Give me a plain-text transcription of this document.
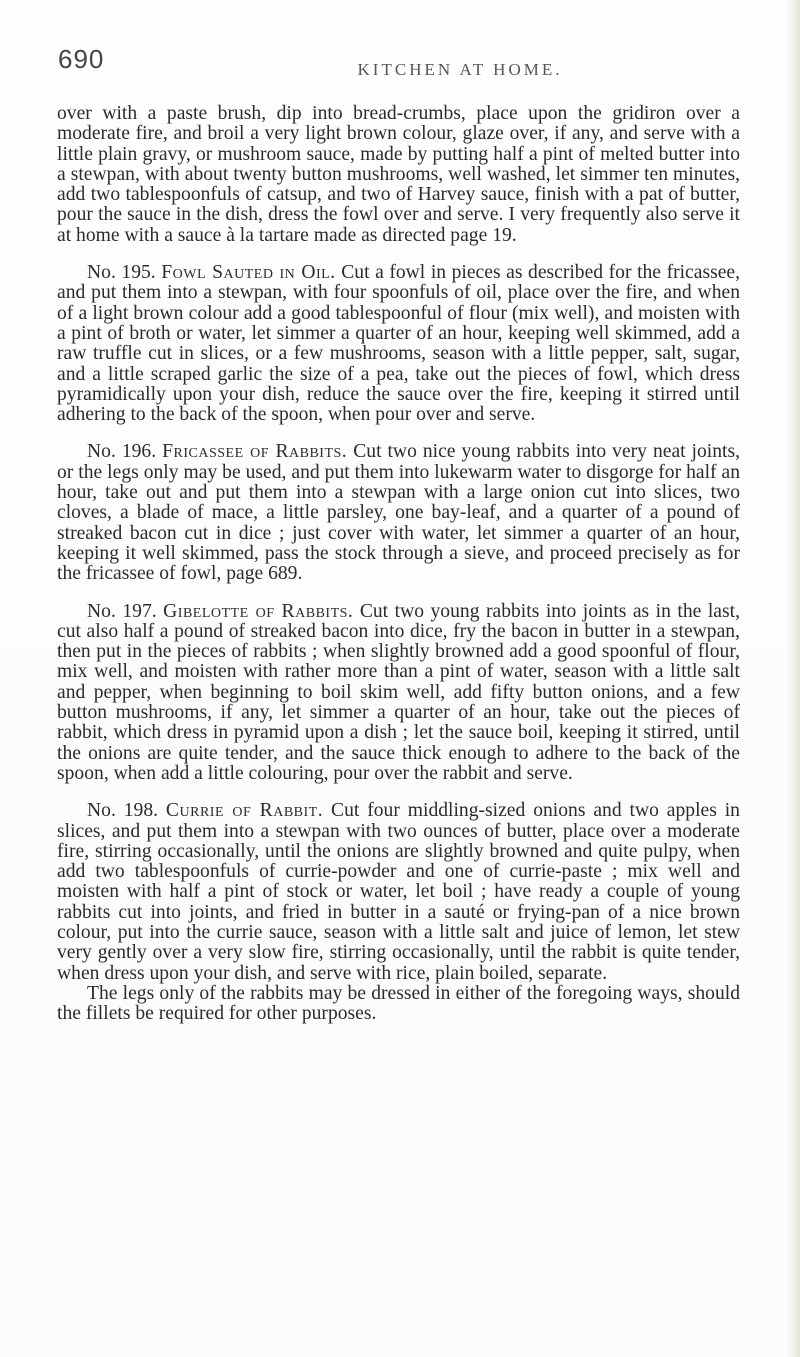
690	KITCHEN AT HOME.

over with a paste brush, dip into bread-crumbs, place upon the gridiron over a moderate fire, and broil a very light brown colour, glaze over, if any, and serve with a little plain gravy, or mushroom sauce, made by putting half a pint of melted butter into a stewpan, with about twenty button mushrooms, well washed, let simmer ten minutes, add two tablespoonfuls of catsup, and two of Harvey sauce, finish with a pat of butter, pour the sauce in the dish, dress the fowl over and serve. I very frequently also serve it at home with a sauce à la tartare made as directed page 19.

No. 195. Fowl Sauted in Oil. Cut a fowl in pieces as described for the fricassee, and put them into a stewpan, with four spoonfuls of oil, place over the fire, and when of a light brown colour add a good tablespoonful of flour (mix well), and moisten with a pint of broth or water, let simmer a quarter of an hour, keeping well skimmed, add a raw truffle cut in slices, or a few mushrooms, season with a little pepper, salt, sugar, and a little scraped garlic the size of a pea, take out the pieces of fowl, which dress pyramidically upon your dish, reduce the sauce over the fire, keeping it stirred until adhering to the back of the spoon, when pour over and serve.

No. 196. Fricassee of Rabbits. Cut two nice young rabbits into very neat joints, or the legs only may be used, and put them into lukewarm water to disgorge for half an hour, take out and put them into a stewpan with a large onion cut into slices, two cloves, a blade of mace, a little parsley, one bay-leaf, and a quarter of a pound of streaked bacon cut in dice ; just cover with water, let simmer a quarter of an hour, keeping it well skimmed, pass the stock through a sieve, and proceed precisely as for the fricassee of fowl, page 689.

No. 197. Gibelotte of Rabbits. Cut two young rabbits into joints as in the last, cut also half a pound of streaked bacon into dice, fry the bacon in butter in a stewpan, then put in the pieces of rabbits ; when slightly browned add a good spoonful of flour, mix well, and moisten with rather more than a pint of water, season with a little salt and pepper, when beginning to boil skim well, add fifty button onions, and a few button mushrooms, if any, let simmer a quarter of an hour, take out the pieces of rabbit, which dress in pyramid upon a dish ; let the sauce boil, keeping it stirred, until the onions are quite tender, and the sauce thick enough to adhere to the back of the spoon, when add a little colouring, pour over the rabbit and serve.

No. 198. Currie of Rabbit. Cut four middling-sized onions and two apples in slices, and put them into a stewpan with two ounces of butter, place over a moderate fire, stirring occasionally, until the onions are slightly browned and quite pulpy, when add two tablespoonfuls of currie-powder and one of currie-paste ; mix well and moisten with half a pint of stock or water, let boil ; have ready a couple of young rabbits cut into joints, and fried in butter in a sauté or frying-pan of a nice brown colour, put into the currie sauce, season with a little salt and juice of lemon, let stew very gently over a very slow fire, stirring occasionally, until the rabbit is quite tender, when dress upon your dish, and serve with rice, plain boiled, separate.

The legs only of the rabbits may be dressed in either of the foregoing ways, should the fillets be required for other purposes.
